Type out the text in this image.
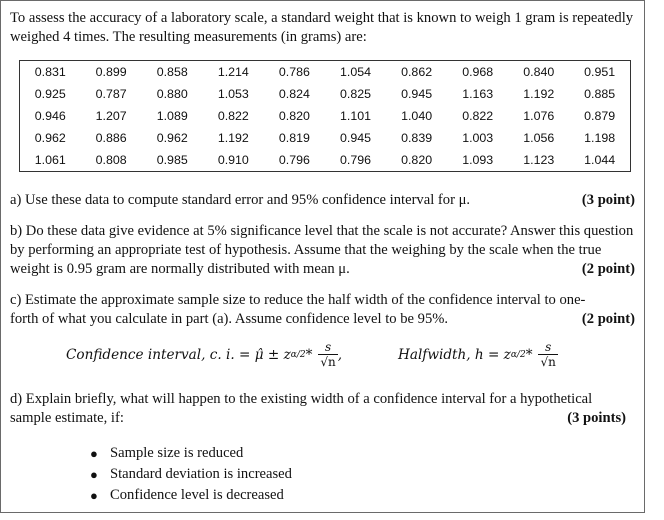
To assess the accuracy of a laboratory scale, a standard weight that is known to weigh 1 gram is repeatedly weighed 4 times. The resulting measurements (in grams) are:
0.831	0.899	0.858	1.214	0.786	1.054	0.862	0.968	0.840	0.951
0.925	0.787	0.880	1.053	0.824	0.825	0.945	1.163	1.192	0.885
0.946	1.207	1.089	0.822	0.820	1.101	1.040	0.822	1.076	0.879
0.962	0.886	0.962	1.192	0.819	0.945	0.839	1.003	1.056	1.198
1.061	0.808	0.985	0.910	0.796	0.796	0.820	1.093	1.123	1.044
(3 point)
a) Use these data to compute standard error and 95% confidence interval for μ.
b) Do these data give evidence at 5% significance level that the scale is not accurate? Answer this question by performing an appropriate test of hypothesis. Assume that the weighing by the scale when the true weight is 0.95 gram are normally distributed with mean μ.	(2 point)
c) Estimate the approximate sample size to reduce the half width of the confidence interval to one-forth of what you calculate in part (a). Assume confidence level to be 95%.	(2 point)
Confidence interval, c. i. = μ̂ ± z $\alpha/2 * \frac{s}{√n}$ ,	Halfwidth, h = z $\alpha/2 * \frac{s}{√n}$
d) Explain briefly, what will happen to the existing width of a confidence interval for a hypothetical sample estimate, if:	(3 points)
● Sample size is reduced
● Standard deviation is increased
● Confidence level is decreased
